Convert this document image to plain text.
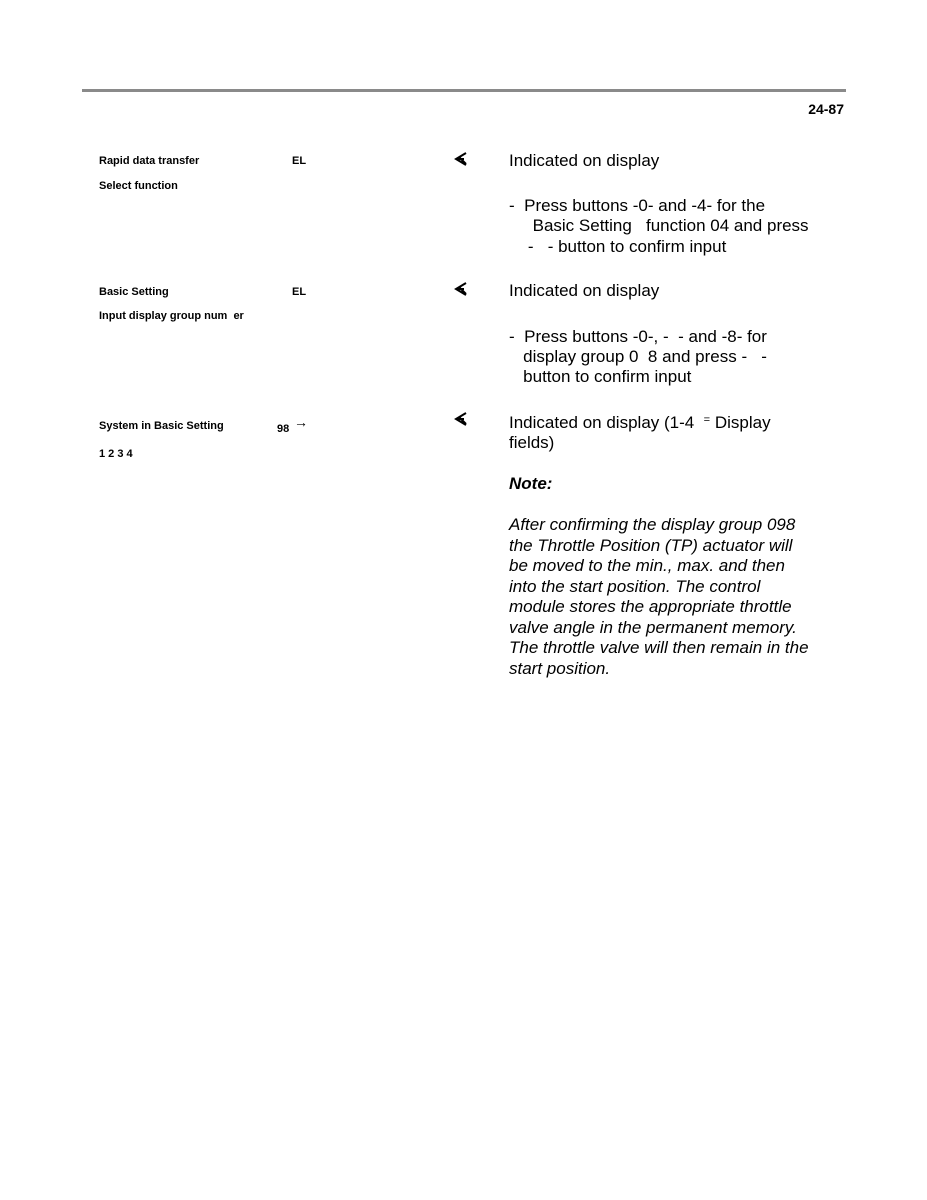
24-87
Rapid data transfer	EL
Select function
Indicated on display
-  Press buttons -0- and -4- for the
Basic Setting   function 04 and press
-   - button to confirm input
Basic Setting	EL
Input display group num  er
Indicated on display
-  Press buttons -0-, -  - and -8- for
display group 0  8 and press -   -
button to confirm input
System in Basic Setting	98 →
1 2 3 4
Indicated on display (1-4  = Display
fields)
Note:
After confirming the display group 098
the Throttle Position (TP) actuator will
be moved to the min., max. and then
into the start position. The control
module stores the appropriate throttle
valve angle in the permanent memory.
The throttle valve will then remain in the
start position.
